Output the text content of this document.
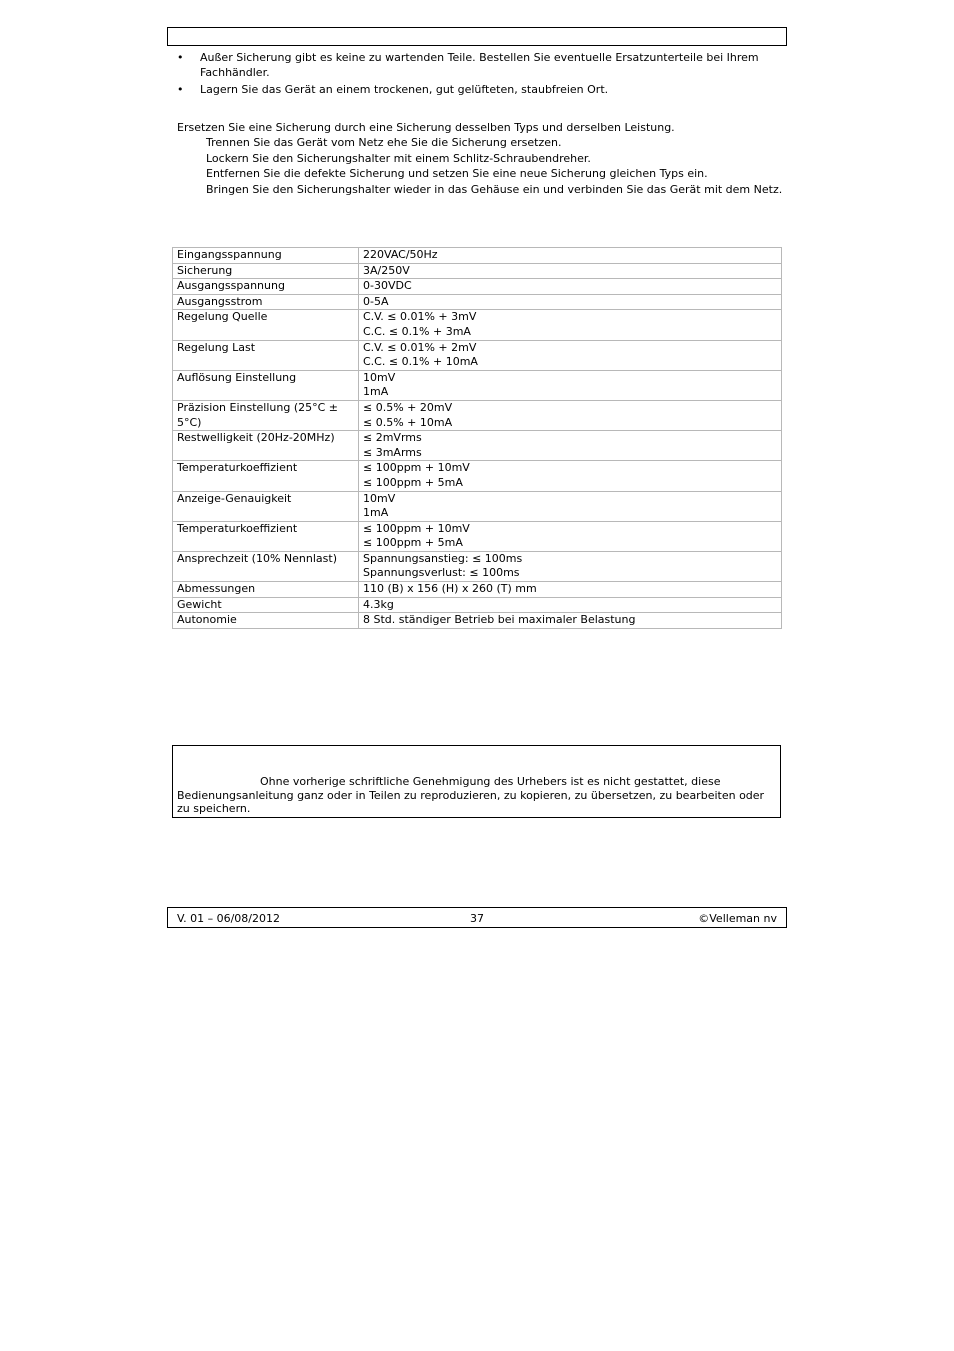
• Außer Sicherung gibt es keine zu wartenden Teile. Bestellen Sie eventuelle Ersatzunterteile bei Ihrem Fachhändler.
• Lagern Sie das Gerät an einem trockenen, gut gelüfteten, staubfreien Ort.

Ersetzen Sie eine Sicherung durch eine Sicherung desselben Typs und derselben Leistung.

Trennen Sie das Gerät vom Netz ehe Sie die Sicherung ersetzen.
Lockern Sie den Sicherungshalter mit einem Schlitz-Schraubendreher.
Entfernen Sie die defekte Sicherung und setzen Sie eine neue Sicherung gleichen Typs ein.
Bringen Sie den Sicherungshalter wieder in das Gehäuse ein und verbinden Sie das Gerät mit dem Netz.
Eingangsspannung	220VAC/50Hz

Sicherung	3A/250V

Ausgangsspannung	0-30VDC

Ausgangsstrom	0-5A

Regelung Quelle	C.V. ≤ 0.01% + 3mV
C.C. ≤ 0.1% + 3mA

Regelung Last	C.V. ≤ 0.01% + 2mV
C.C. ≤ 0.1% + 10mA

Auflösung Einstellung	10mV
1mA

Präzision Einstellung (25°C ± 5°C)	≤ 0.5% + 20mV
≤ 0.5% + 10mA

Restwelligkeit (20Hz-20MHz)	≤ 2mVrms
≤ 3mArms

Temperaturkoeffizient	≤ 100ppm + 10mV
≤ 100ppm + 5mA

Anzeige-Genauigkeit	10mV
1mA

Temperaturkoeffizient	≤ 100ppm + 10mV
≤ 100ppm + 5mA

Ansprechzeit (10% Nennlast)	Spannungsanstieg: ≤ 100ms
Spannungsverlust: ≤ 100ms

Abmessungen	110 (B) x 156 (H) x 260 (T) mm

Gewicht	4.3kg

Autonomie	8 Std. ständiger Betrieb bei maximaler Belastung

Ohne vorherige schriftliche Genehmigung des Urhebers ist es nicht gestattet, diese Bedienungsanleitung ganz oder in Teilen zu reproduzieren, zu kopieren, zu übersetzen, zu bearbeiten oder zu speichern.

V. 01 – 06/08/2012	37	©Velleman nv
